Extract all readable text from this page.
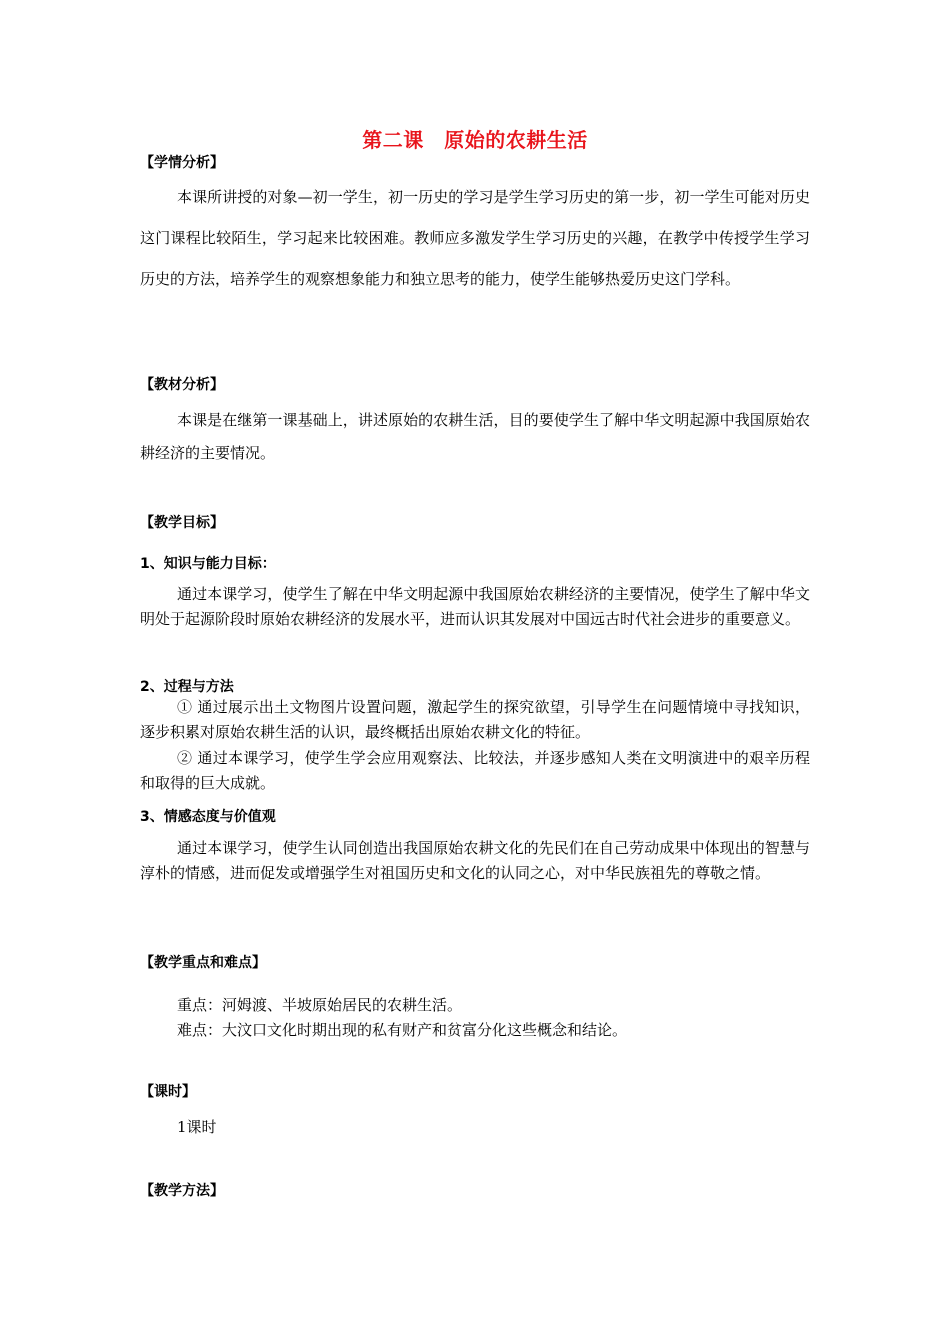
第二课　原始的农耕生活
【学情分析】

本课所讲授的对象—初一学生，初一历史的学习是学生学习历史的第一步，初一学生可能对历史这门课程比较陌生，学习起来比较困难。教师应多激发学生学习历史的兴趣，在教学中传授学生学习历史的方法，培养学生的观察想象能力和独立思考的能力，使学生能够热爱历史这门学科。

【教材分析】

本课是在继第一课基础上，讲述原始的农耕生活，目的要使学生了解中华文明起源中我国原始农耕经济的主要情况。

【教学目标】
1、知识与能力目标：

通过本课学习，使学生了解在中华文明起源中我国原始农耕经济的主要情况，使学生了解中华文明处于起源阶段时原始农耕经济的发展水平，进而认识其发展对中国远古时代社会进步的重要意义。

2、过程与方法

① 通过展示出土文物图片设置问题，激起学生的探究欲望，引导学生在问题情境中寻找知识，逐步积累对原始农耕生活的认识，最终概括出原始农耕文化的特征。

② 通过本课学习，使学生学会应用观察法、比较法，并逐步感知人类在文明演进中的艰辛历程和取得的巨大成就。

3、情感态度与价值观

通过本课学习，使学生认同创造出我国原始农耕文化的先民们在自己劳动成果中体现出的智慧与淳朴的情感，进而促发或增强学生对祖国历史和文化的认同之心，对中华民族祖先的尊敬之情。

【教学重点和难点】
重点：河姆渡、半坡原始居民的农耕生活。
难点：大汶口文化时期出现的私有财产和贫富分化这些概念和结论。
【课时】
1课时
【教学方法】
